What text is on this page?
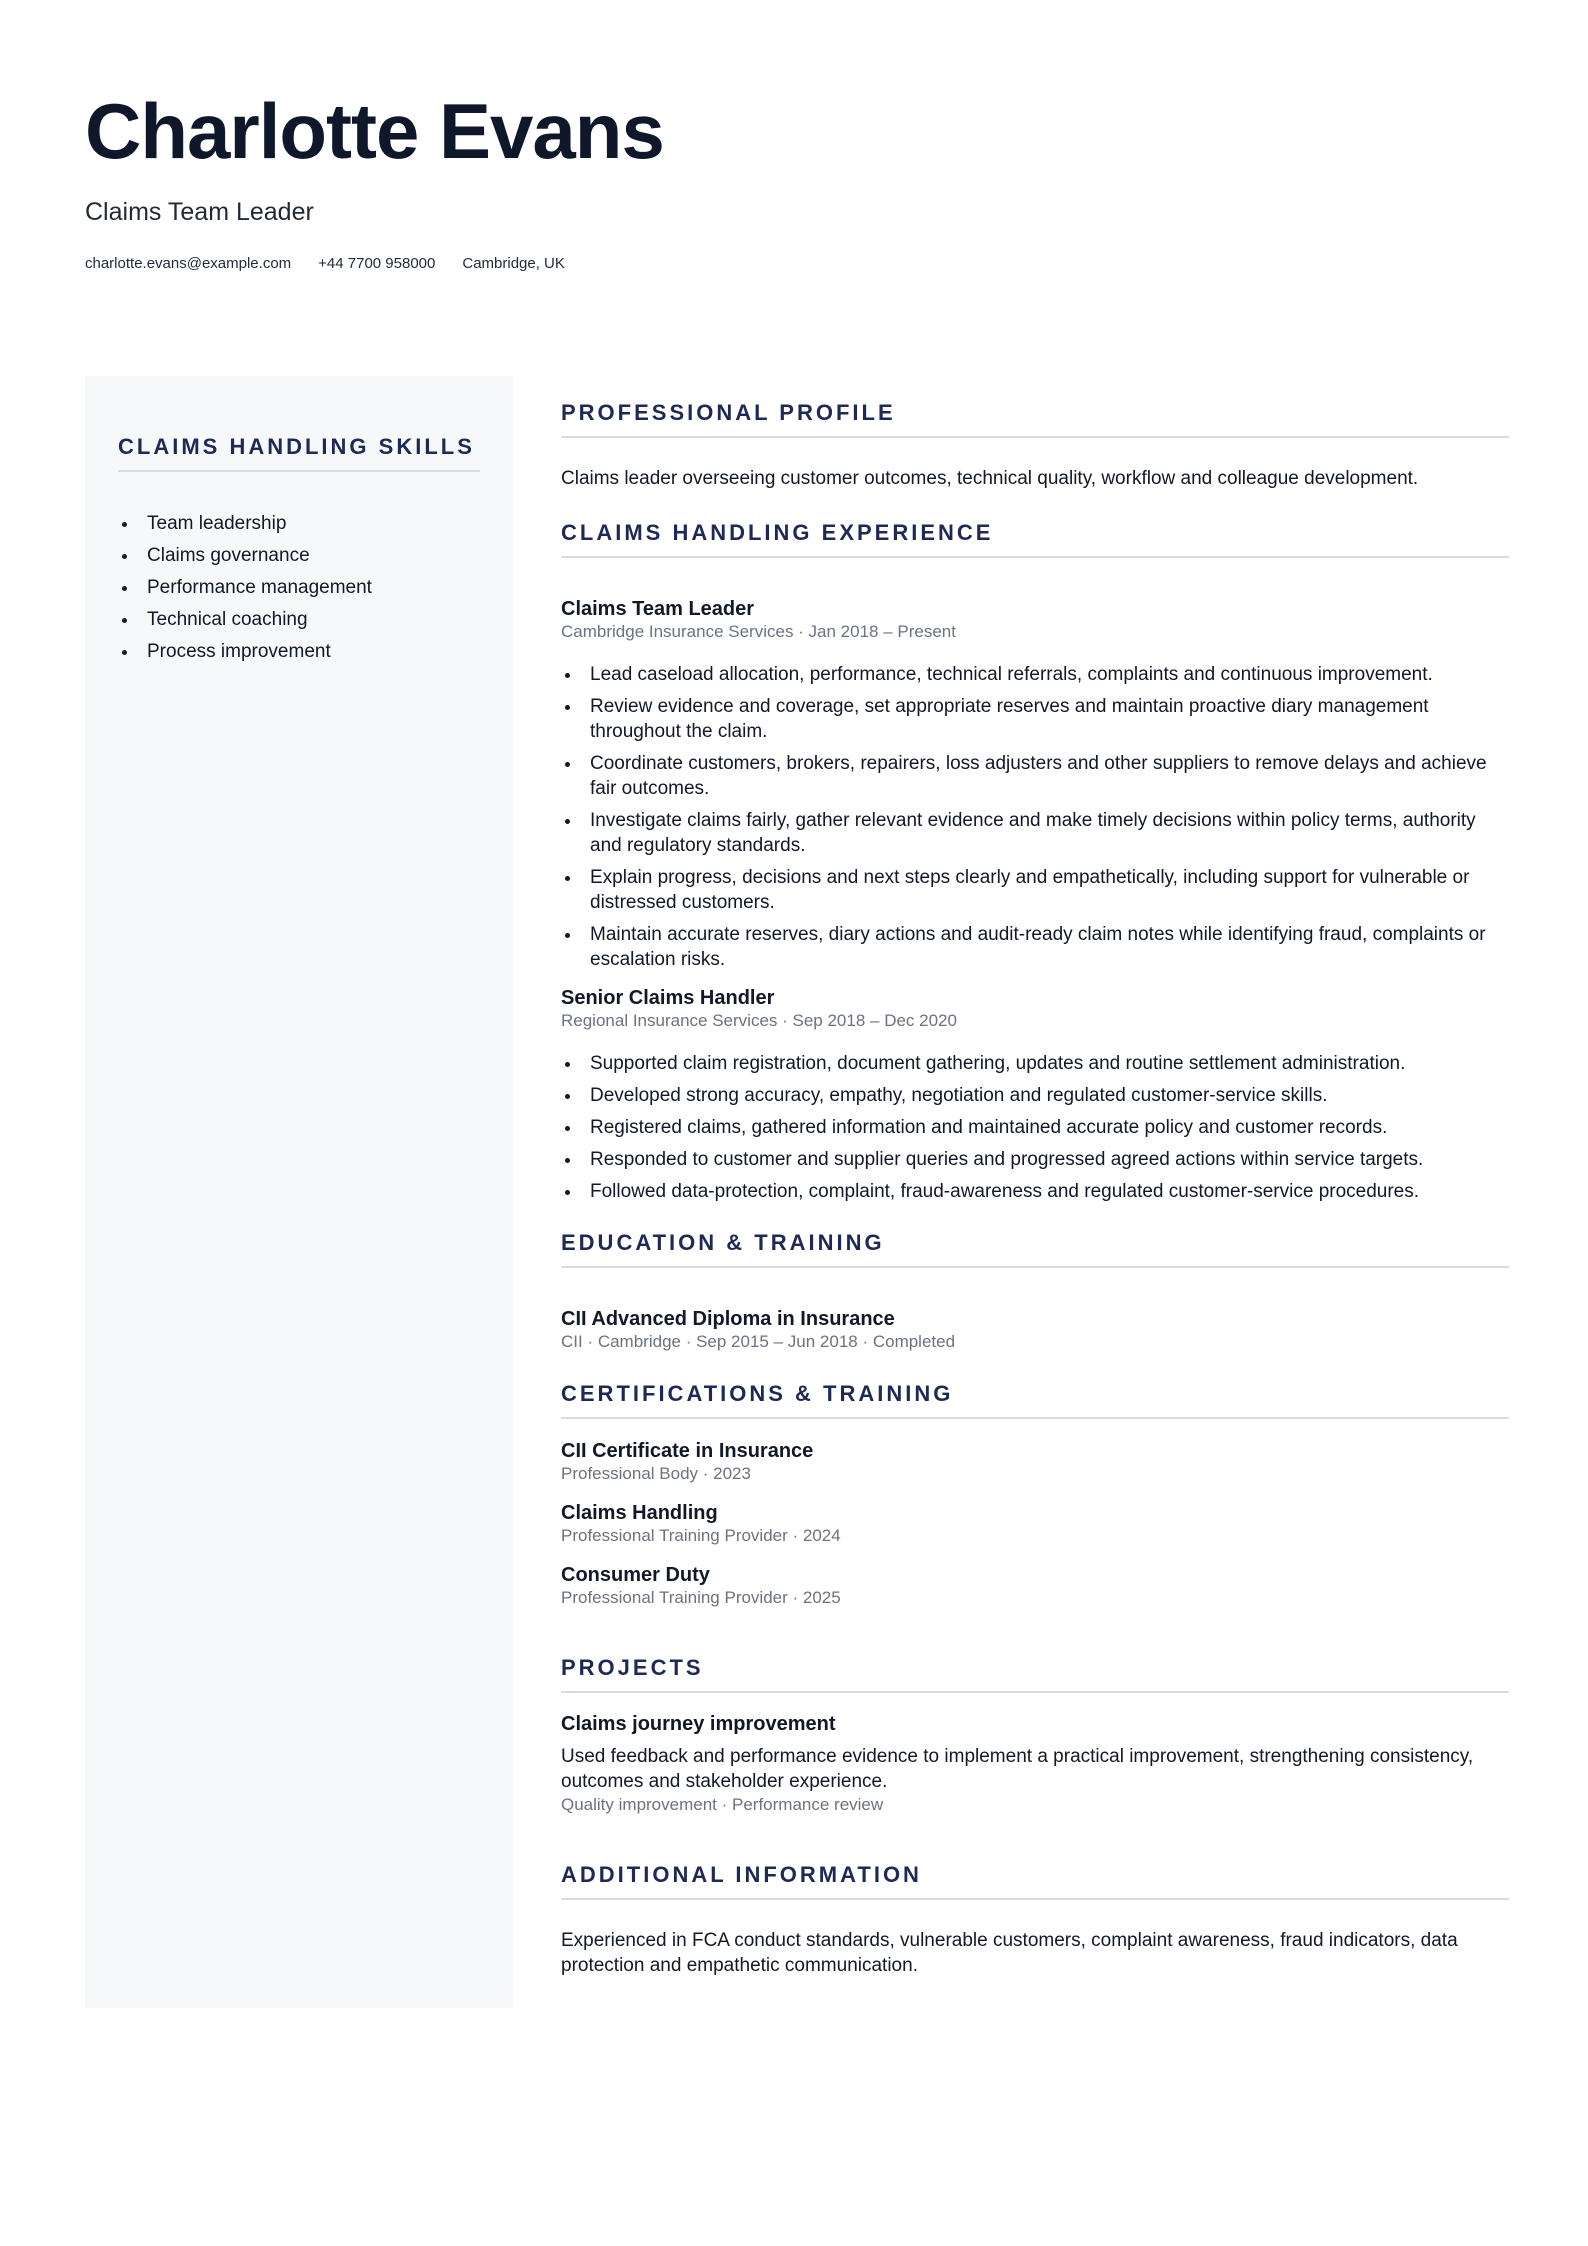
Charlotte Evans
Claims Team Leader
charlotte.evans@example.com +44 7700 958000 Cambridge, UK
CLAIMS HANDLING SKILLS
Team leadership
Claims governance
Performance management
Technical coaching
Process improvement
PROFESSIONAL PROFILE

Claims leader overseeing customer outcomes, technical quality, workflow and colleague development.

CLAIMS HANDLING EXPERIENCE
Claims Team Leader
Cambridge Insurance Services · Jan 2018 – Present
Lead caseload allocation, performance, technical referrals, complaints and continuous improvement.
Review evidence and coverage, set appropriate reserves and maintain proactive diary management throughout the claim.
Coordinate customers, brokers, repairers, loss adjusters and other suppliers to remove delays and achieve fair outcomes.
Investigate claims fairly, gather relevant evidence and make timely decisions within policy terms, authority and regulatory standards.
Explain progress, decisions and next steps clearly and empathetically, including support for vulnerable or distressed customers.
Maintain accurate reserves, diary actions and audit-ready claim notes while identifying fraud, complaints or escalation risks.
Senior Claims Handler
Regional Insurance Services · Sep 2018 – Dec 2020
Supported claim registration, document gathering, updates and routine settlement administration.
Developed strong accuracy, empathy, negotiation and regulated customer-service skills.
Registered claims, gathered information and maintained accurate policy and customer records.
Responded to customer and supplier queries and progressed agreed actions within service targets.
Followed data-protection, complaint, fraud-awareness and regulated customer-service procedures.
EDUCATION & TRAINING
CII Advanced Diploma in Insurance
CII · Cambridge · Sep 2015 – Jun 2018 · Completed
CERTIFICATIONS & TRAINING
CII Certificate in Insurance
Professional Body · 2023
Claims Handling
Professional Training Provider · 2024
Consumer Duty
Professional Training Provider · 2025
PROJECTS
Claims journey improvement

Used feedback and performance evidence to implement a practical improvement, strengthening consistency, outcomes and stakeholder experience.

Quality improvement · Performance review
ADDITIONAL INFORMATION

Experienced in FCA conduct standards, vulnerable customers, complaint awareness, fraud indicators, data protection and empathetic communication.
